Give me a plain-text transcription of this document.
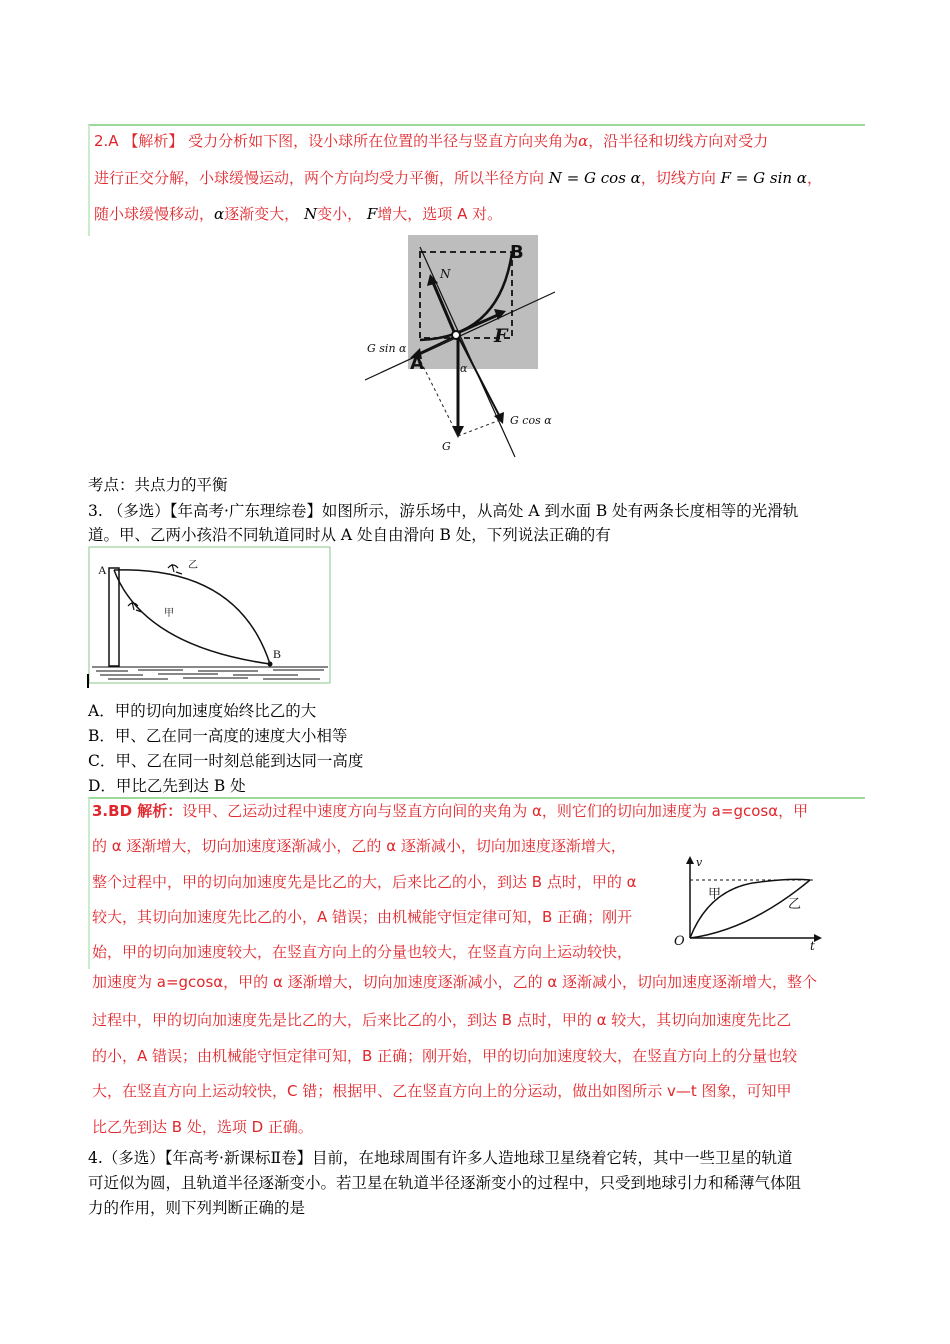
2.A 【解析】 受力分析如下图，设小球所在位置的半径与竖直方向夹角为α，沿半径和切线方向对受力
进行正交分解，小球缓慢运动，两个方向均受力平衡，所以半径方向 N = G cos α，切线方向 F = G sin α，
随小球缓慢移动，α逐渐变大， N变小， F增大，选项 A 对。
B
N
F
A
G sin α
α
G cos α
G
考点：共点力的平衡
3. （多选）【年高考·广东理综卷】如图所示，游乐场中，从高处 A 到水面 B 处有两条长度相等的光滑轨
道。甲、乙两小孩沿不同轨道同时从 A 处自由滑向 B 处，下列说法正确的有
A
B
乙
甲
A．甲的切向加速度始终比乙的大
B．甲、乙在同一高度的速度大小相等
C．甲、乙在同一时刻总能到达同一高度
D．甲比乙先到达 B 处
3.BD 解析：设甲、乙运动过程中速度方向与竖直方向间的夹角为 α，则它们的切向加速度为 a=gcosα，甲
的 α 逐渐增大，切向加速度逐渐减小，乙的 α 逐渐减小，切向加速度逐渐增大，
整个过程中，甲的切向加速度先是比乙的大，后来比乙的小，到达 B 点时，甲的 α
较大，其切向加速度先比乙的小，A 错误；由机械能守恒定律可知，B 正确；刚开
始，甲的切向加速度较大，在竖直方向上的分量也较大，在竖直方向上运动较快，
加速度为 a=gcosα，甲的 α 逐渐增大，切向加速度逐渐减小，乙的 α 逐渐减小，切向加速度逐渐增大，整个
过程中，甲的切向加速度先是比乙的大，后来比乙的小，到达 B 点时，甲的 α 较大，其切向加速度先比乙
的小，A 错误；由机械能守恒定律可知，B 正确；刚开始，甲的切向加速度较大，在竖直方向上的分量也较
大，在竖直方向上运动较快，C 错；根据甲、乙在竖直方向上的分运动，做出如图所示 v—t 图象，可知甲
比乙先到达 B 处，选项 D 正确。
v
t
O
甲
乙
4.（多选）【年高考·新课标Ⅱ卷】目前，在地球周围有许多人造地球卫星绕着它转，其中一些卫星的轨道
可近似为圆，且轨道半径逐渐变小。若卫星在轨道半径逐渐变小的过程中，只受到地球引力和稀薄气体阻
力的作用，则下列判断正确的是
